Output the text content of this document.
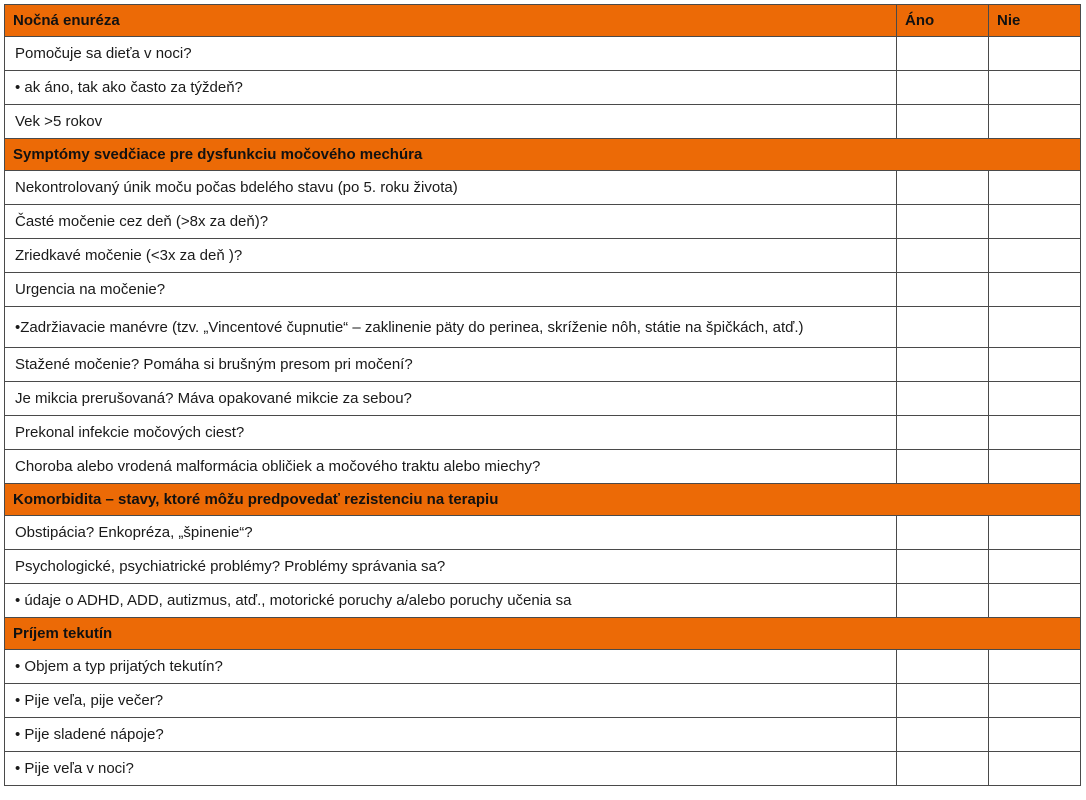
Nočná enuréza	Áno	Nie
Pomočuje sa dieťa v noci?		
• ak áno, tak ako často za týždeň?		
Vek >5 rokov		
Symptómy svedčiace pre dysfunkciu močového mechúra		
Nekontrolovaný únik moču počas bdelého stavu (po 5. roku života)		
Časté močenie cez deň (>8x za deň)?		
Zriedkavé močenie (<3x za deň )?		
Urgencia na močenie?		
•Zadržiavacie manévre (tzv. „Vincentové čupnutie“ – zaklinenie päty do perinea, skríženie nôh, státie na špičkách, atď.)		
Stažené močenie? Pomáha si brušným presom pri močení?		
Je mikcia prerušovaná? Máva opakované mikcie za sebou?		
Prekonal infekcie močových ciest?		
Choroba alebo vrodená malformácia obličiek a močového traktu alebo miechy?		
Komorbidita – stavy, ktoré môžu predpovedať rezistenciu na terapiu		
Obstipácia? Enkopréza, „špinenie“?		
Psychologické, psychiatrické problémy? Problémy správania sa?		
• údaje o ADHD, ADD, autizmus, atď., motorické poruchy a/alebo poruchy učenia sa		
Príjem tekutín		
• Objem a typ prijatých tekutín?		
• Pije veľa, pije večer?		
• Pije sladené nápoje?		
• Pije veľa v noci?		
